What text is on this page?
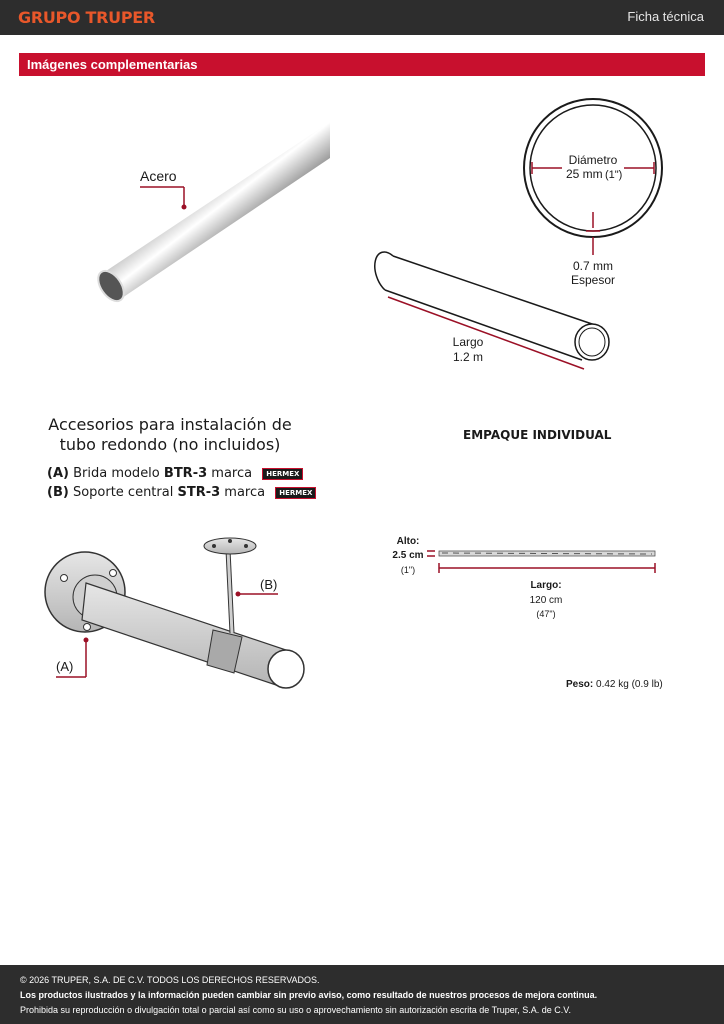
GRUPO TRUPER	Ficha técnica
Imágenes complementarias
Acero
Diámetro
25 mm (1")
0.7 mm
Espesor
Largo
1.2 m
(B)
(A)
Alto:
2.5 cm
(1")
Largo:
120 cm
(47")
Accesorios para instalación de
tubo redondo (no incluidos)
(A) Brida modelo BTR-3 marca HERMEX
(B) Soporte central STR-3 marca HERMEX
EMPAQUE INDIVIDUAL
Peso: 0.42 kg (0.9 lb)
© 2026 TRUPER, S.A. DE C.V. TODOS LOS DERECHOS RESERVADOS.
Los productos ilustrados y la información pueden cambiar sin previo aviso, como resultado de nuestros procesos de mejora continua.
Prohibida su reproducción o divulgación total o parcial así como su uso o aprovechamiento sin autorización escrita de Truper, S.A. de C.V.
